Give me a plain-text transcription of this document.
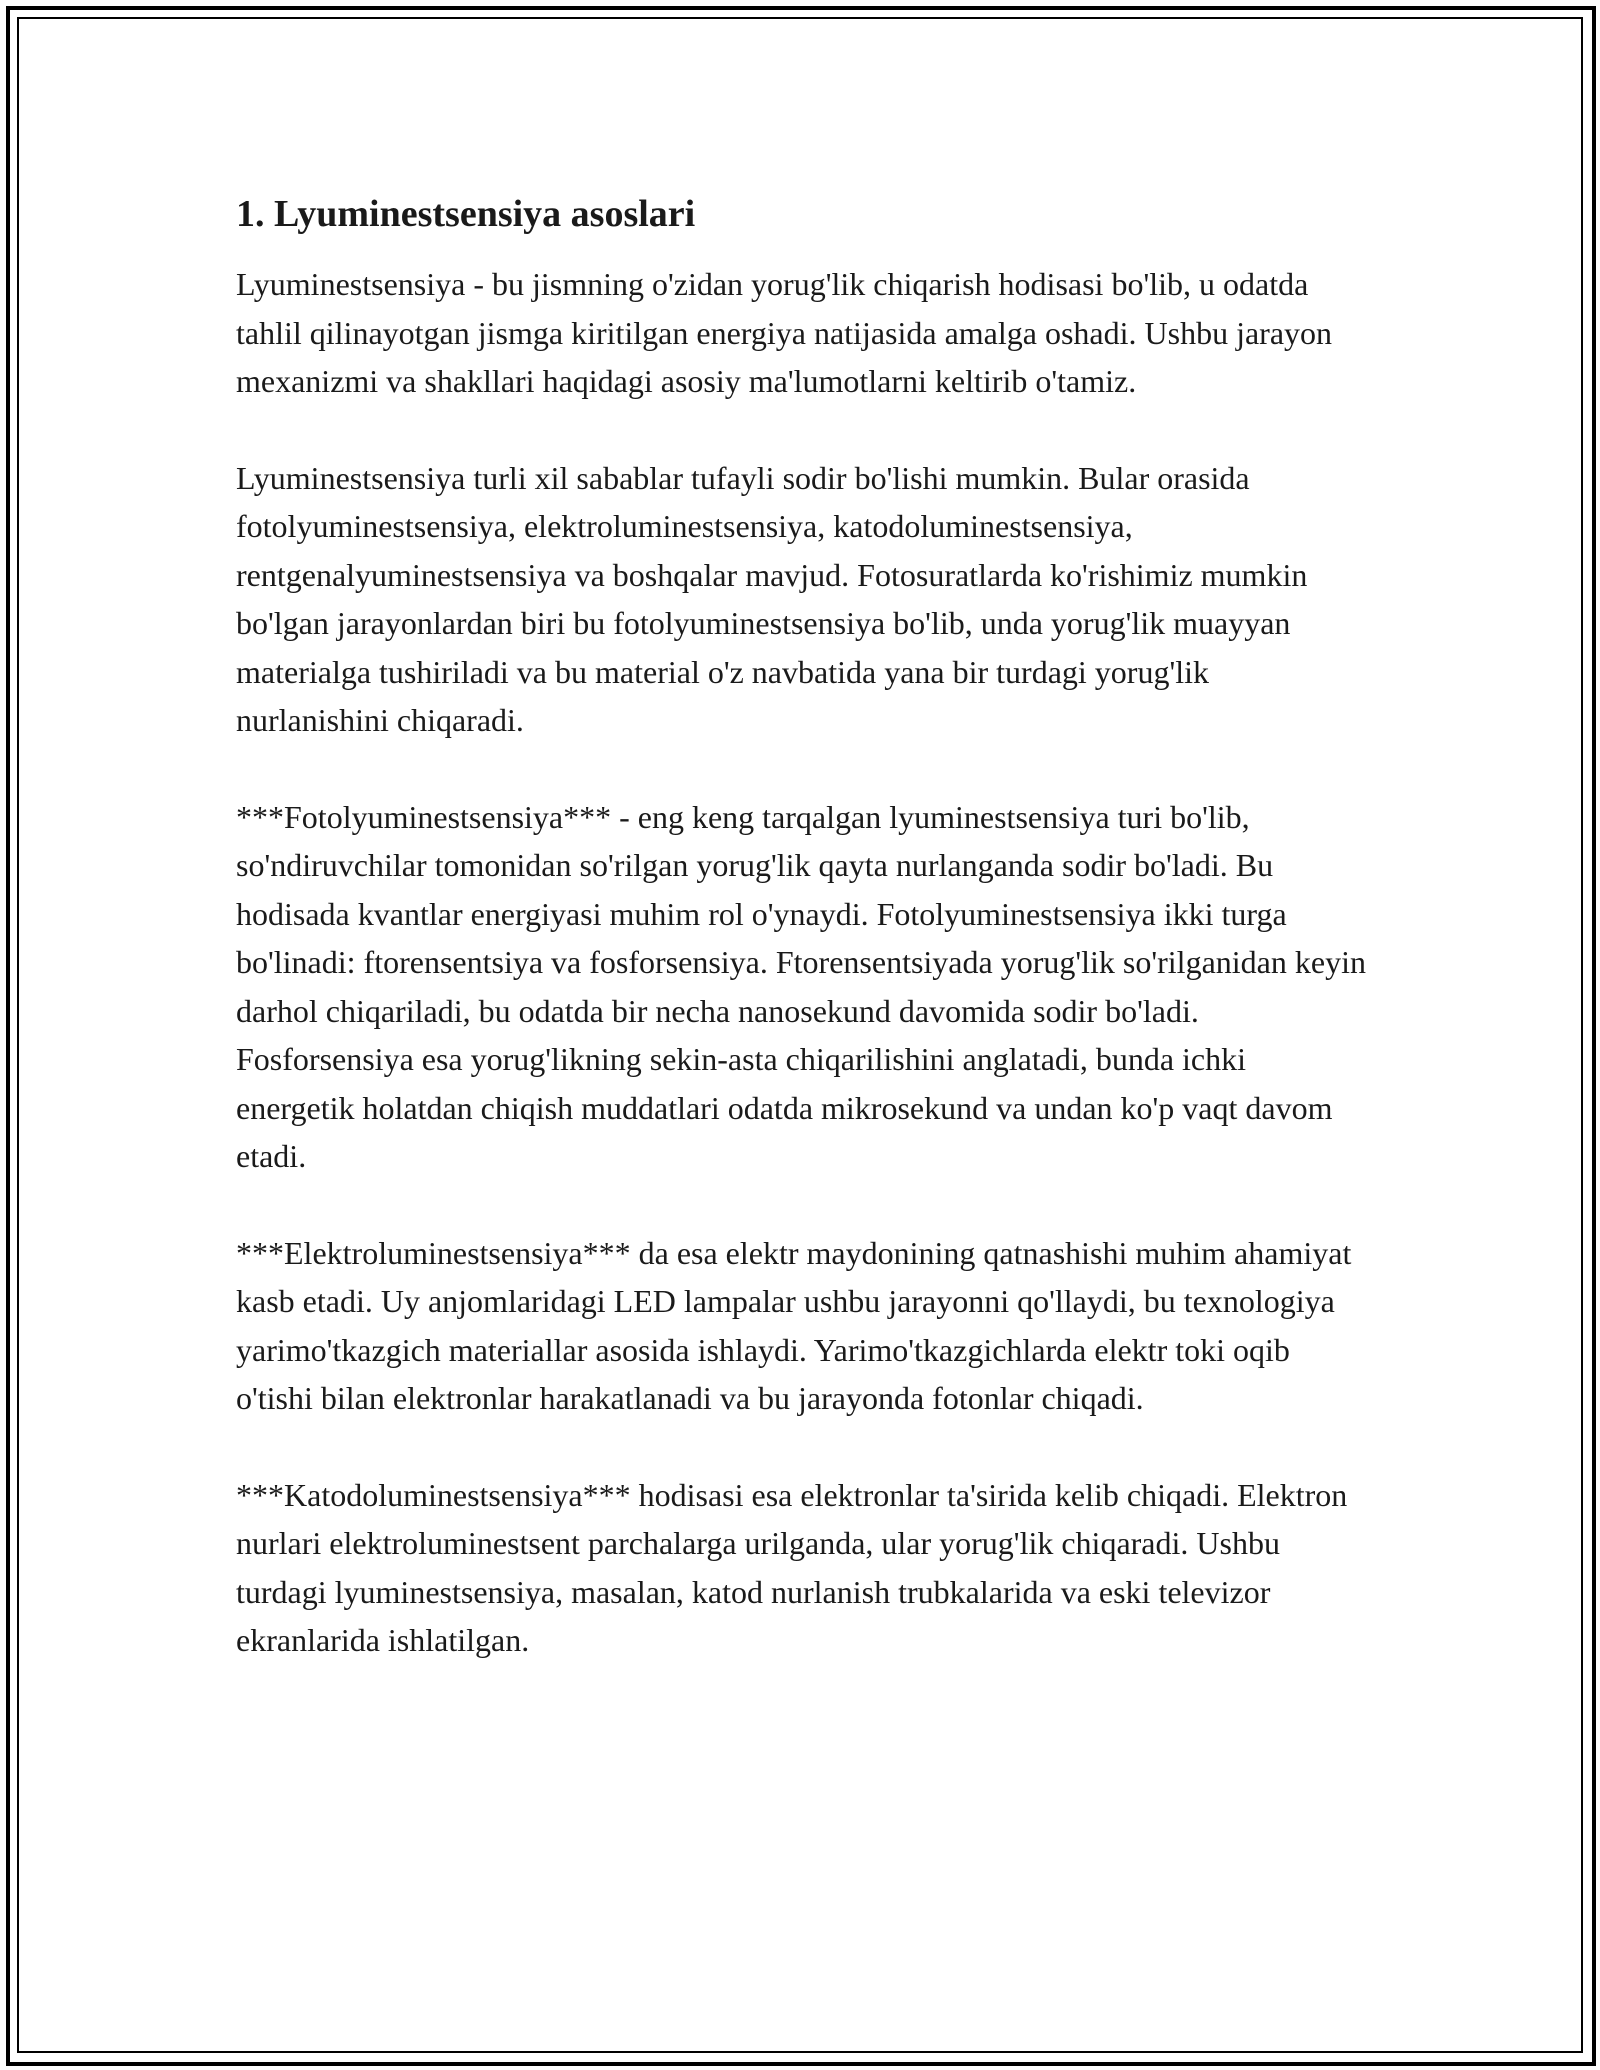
1. Lyuminestsensiya asoslari

Lyuminestsensiya - bu jismning o'zidan yorug'lik chiqarish hodisasi bo'lib, u odatda tahlil qilinayotgan jismga kiritilgan energiya natijasida amalga oshadi. Ushbu jarayon mexanizmi va shakllari haqidagi asosiy ma'lumotlarni keltirib o'tamiz.

Lyuminestsensiya turli xil sabablar tufayli sodir bo'lishi mumkin. Bular orasida fotolyuminestsensiya, elektroluminestsensiya, katodoluminestsensiya, rentgenalyuminestsensiya va boshqalar mavjud. Fotosuratlarda ko'rishimiz mumkin bo'lgan jarayonlardan biri bu fotolyuminestsensiya bo'lib, unda yorug'lik muayyan materialga tushiriladi va bu material o'z navbatida yana bir turdagi yorug'lik nurlanishini chiqaradi.

***Fotolyuminestsensiya*** - eng keng tarqalgan lyuminestsensiya turi bo'lib, so'ndiruvchilar tomonidan so'rilgan yorug'lik qayta nurlanganda sodir bo'ladi. Bu hodisada kvantlar energiyasi muhim rol o'ynaydi. Fotolyuminestsensiya ikki turga bo'linadi: ftorensentsiya va fosforsensiya. Ftorensentsiyada yorug'lik so'rilganidan keyin darhol chiqariladi, bu odatda bir necha nanosekund davomida sodir bo'ladi. Fosforsensiya esa yorug'likning sekin-asta chiqarilishini anglatadi, bunda ichki energetik holatdan chiqish muddatlari odatda mikrosekund va undan ko'p vaqt davom etadi.

***Elektroluminestsensiya*** da esa elektr maydonining qatnashishi muhim ahamiyat kasb etadi. Uy anjomlaridagi LED lampalar ushbu jarayonni qo'llaydi, bu texnologiya yarimo'tkazgich materiallar asosida ishlaydi. Yarimo'tkazgichlarda elektr toki oqib o'tishi bilan elektronlar harakatlanadi va bu jarayonda fotonlar chiqadi.

***Katodoluminestsensiya*** hodisasi esa elektronlar ta'sirida kelib chiqadi. Elektron nurlari elektroluminestsent parchalarga urilganda, ular yorug'lik chiqaradi. Ushbu turdagi lyuminestsensiya, masalan, katod nurlanish trubkalarida va eski televizor ekranlarida ishlatilgan.
